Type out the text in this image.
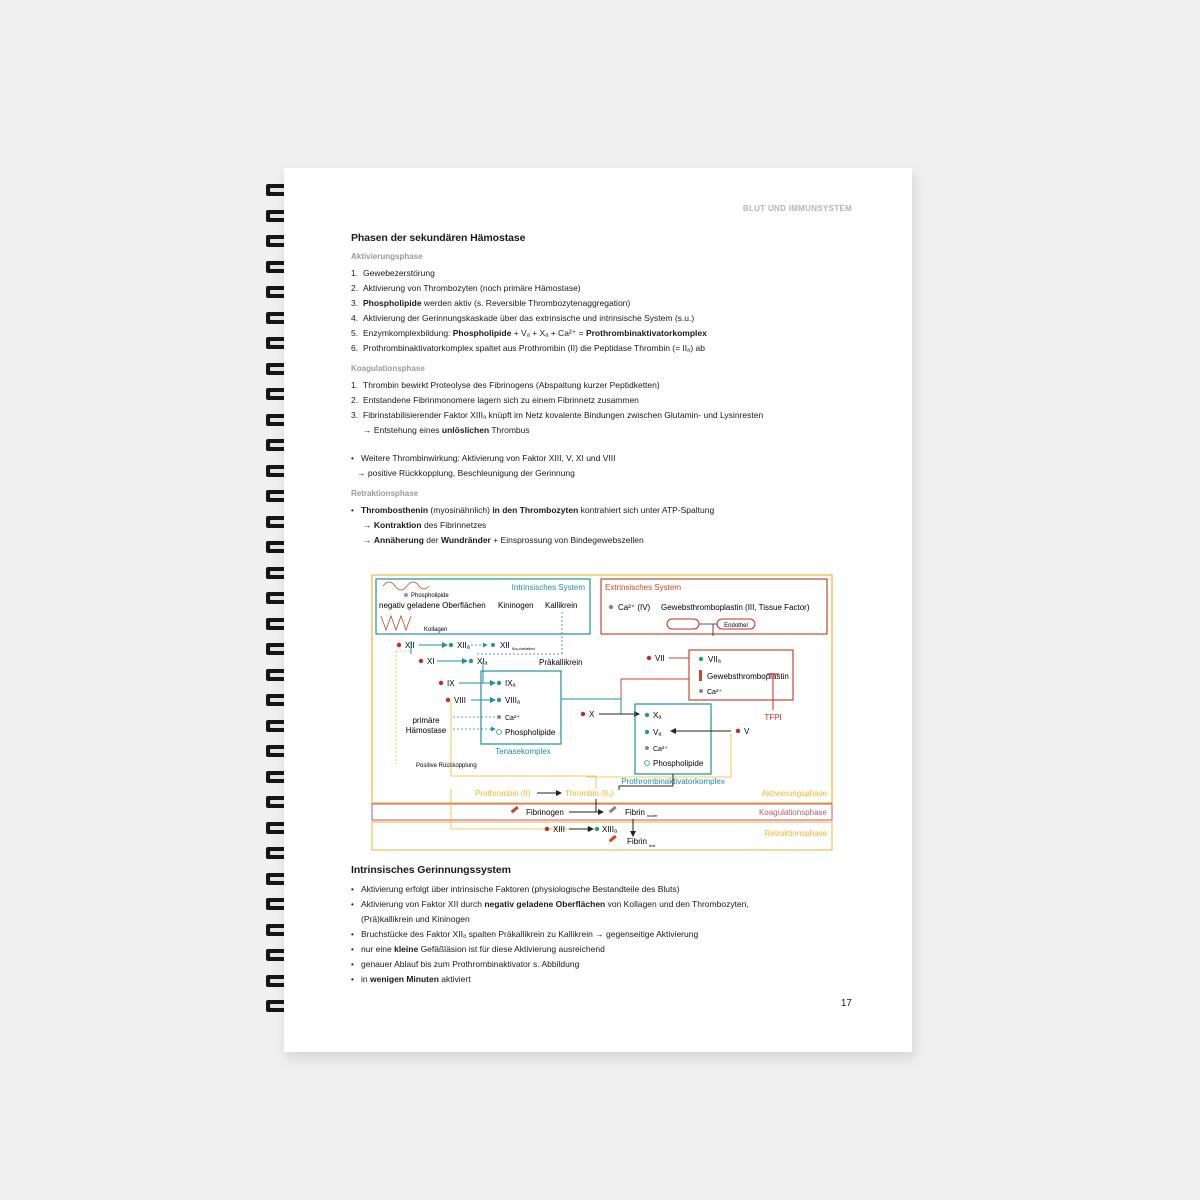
BLUT UND IMMUNSYSTEM
Phasen der sekundären Hämostase
Aktivierungsphase
1. Gewebezerstörung
2. Aktivierung von Thrombozyten (noch primäre Hämostase)
3. Phospholipide werden aktiv (s. Reversible Thrombozytenaggregation)
4. Aktivierung der Gerinnungskaskade über das extrinsische und intrinsische System (s.u.)
5. Enzymkomplexbildung: Phospholipide + Vₐ + Xₐ + Ca²⁺ = Prothrombinaktivatorkomplex
6. Prothrombinaktivatorkomplex spaltet aus Prothrombin (II) die Peptidase Thrombin (= IIₐ) ab
Koagulationsphase
1. Thrombin bewirkt Proteolyse des Fibrinogens (Abspaltung kurzer Peptidketten)
2. Entstandene Fibrinmonomere lagern sich zu einem Fibrinnetz zusammen
3. Fibrinstabilisierender Faktor XIIIₐ knüpft im Netz kovalente Bindungen zwischen Glutamin- und Lysinresten
→ Entstehung eines unlöslichen Thrombus
• Weitere Thrombinwirkung: Aktivierung von Faktor XIII, V, XI und VIII
→ positive Rückkopplung, Beschleunigung der Gerinnung
Retraktionsphase
• Thrombosthenin (myosinähnlich) in den Thrombozyten kontrahiert sich unter ATP-Spaltung
→ Kontraktion des Fibrinnetzes
→ Annäherung der Wundränder + Einsprossung von Bindegewebszellen
Intrinsisches System
Phospholipide
negativ geladene Oberflächen Kininogen Kallikrein
Kollagen
Extrinsisches System
Ca²⁺ (IV) Gewebsthromboplastin (III, Tissue Factor)
Endothel
XII	XIIₐ	XII IIIa,chelatiert
XI	XIₐ	Präkallikrein	VII	VIIₐ
Gewebsthromboplastin
Ca²⁺
TFPI
IX
VIII
IXₐ
VIIIₐ
Ca²⁺
Phospholipide
Tenasekomplex
primäre
Hämostase
X	Xₐ
Vₐ
Ca²⁺
Phospholipide
V
Prothrombinaktivatorkomplex
Positive Rückkopplung
Prothrombin (II)	Thrombin (IIₐ)	Aktivierungsphase
Fibrinogen	Fibrin locker	Koagulationsphase
XIII	XIIIₐ
Fibrin fest
Retraktionsphase
Intrinsisches Gerinnungssystem
• Aktivierung erfolgt über intrinsische Faktoren (physiologische Bestandteile des Bluts)
• Aktivierung von Faktor XII durch negativ geladene Oberflächen von Kollagen und den Thrombozyten,
(Prä)kallikrein und Kininogen
• Bruchstücke des Faktor XIIₐ spalten Präkallikrein zu Kallikrein → gegenseitige Aktivierung
• nur eine kleine Gefäßläsion ist für diese Aktivierung ausreichend
• genauer Ablauf bis zum Prothrombinaktivator s. Abbildung
• in wenigen Minuten aktiviert
17
